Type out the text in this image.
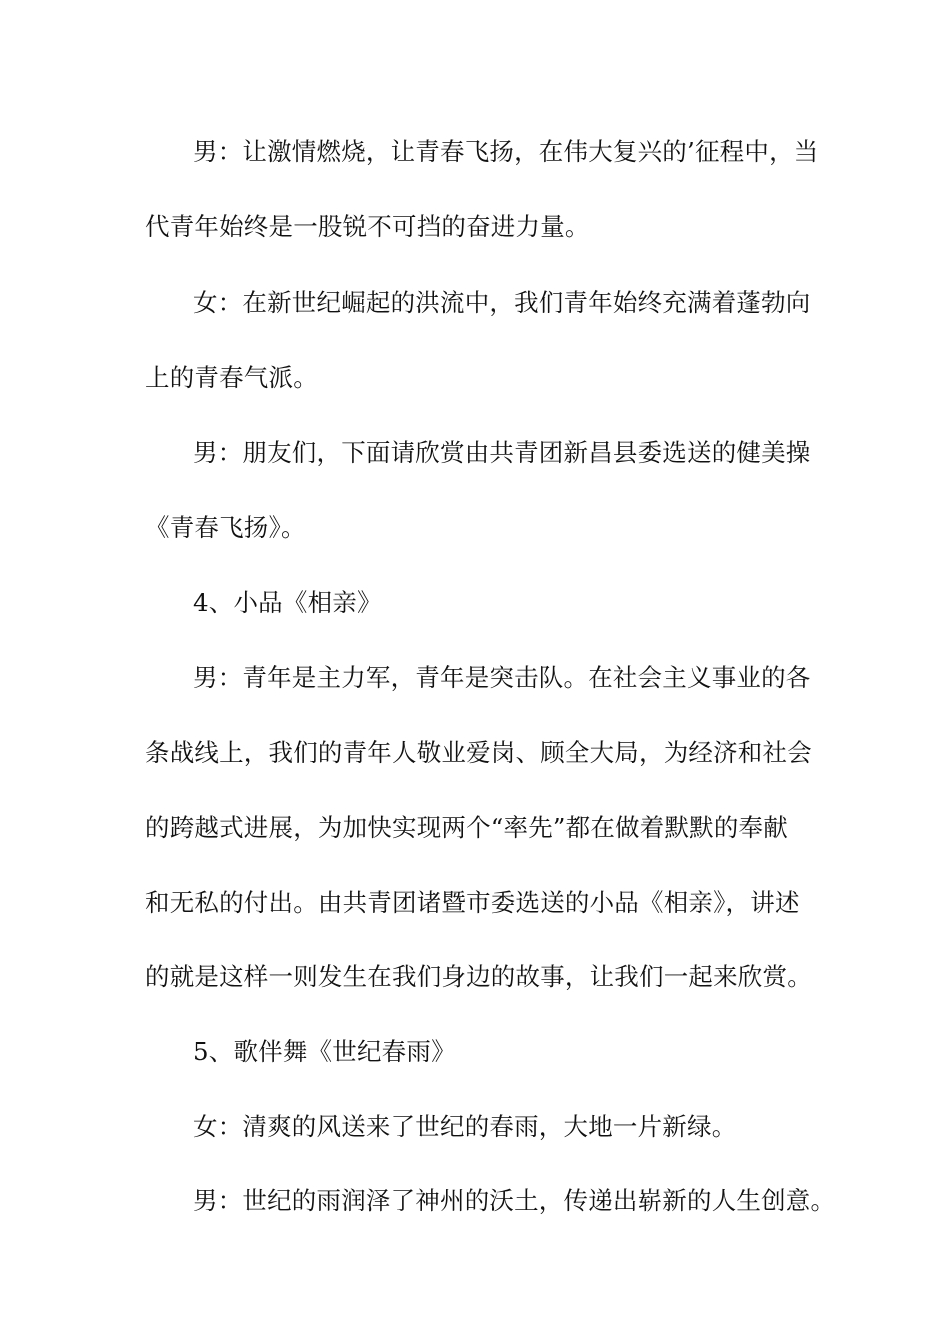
男：让激情燃烧，让青春飞扬，在伟大复兴的’征程中，当
代青年始终是一股锐不可挡的奋进力量。
女：在新世纪崛起的洪流中，我们青年始终充满着蓬勃向
上的青春气派。
男：朋友们，下面请欣赏由共青团新昌县委选送的健美操
《青春飞扬》。
4、小品《相亲》
男：青年是主力军，青年是突击队。在社会主义事业的各
条战线上，我们的青年人敬业爱岗、顾全大局，为经济和社会
的跨越式进展，为加快实现两个“率先”都在做着默默的奉献
和无私的付出。由共青团诸暨市委选送的小品《相亲》，讲述
的就是这样一则发生在我们身边的故事，让我们一起来欣赏。
5、歌伴舞《世纪春雨》
女：清爽的风送来了世纪的春雨，大地一片新绿。
男：世纪的雨润泽了神州的沃土，传递出崭新的人生创意。
